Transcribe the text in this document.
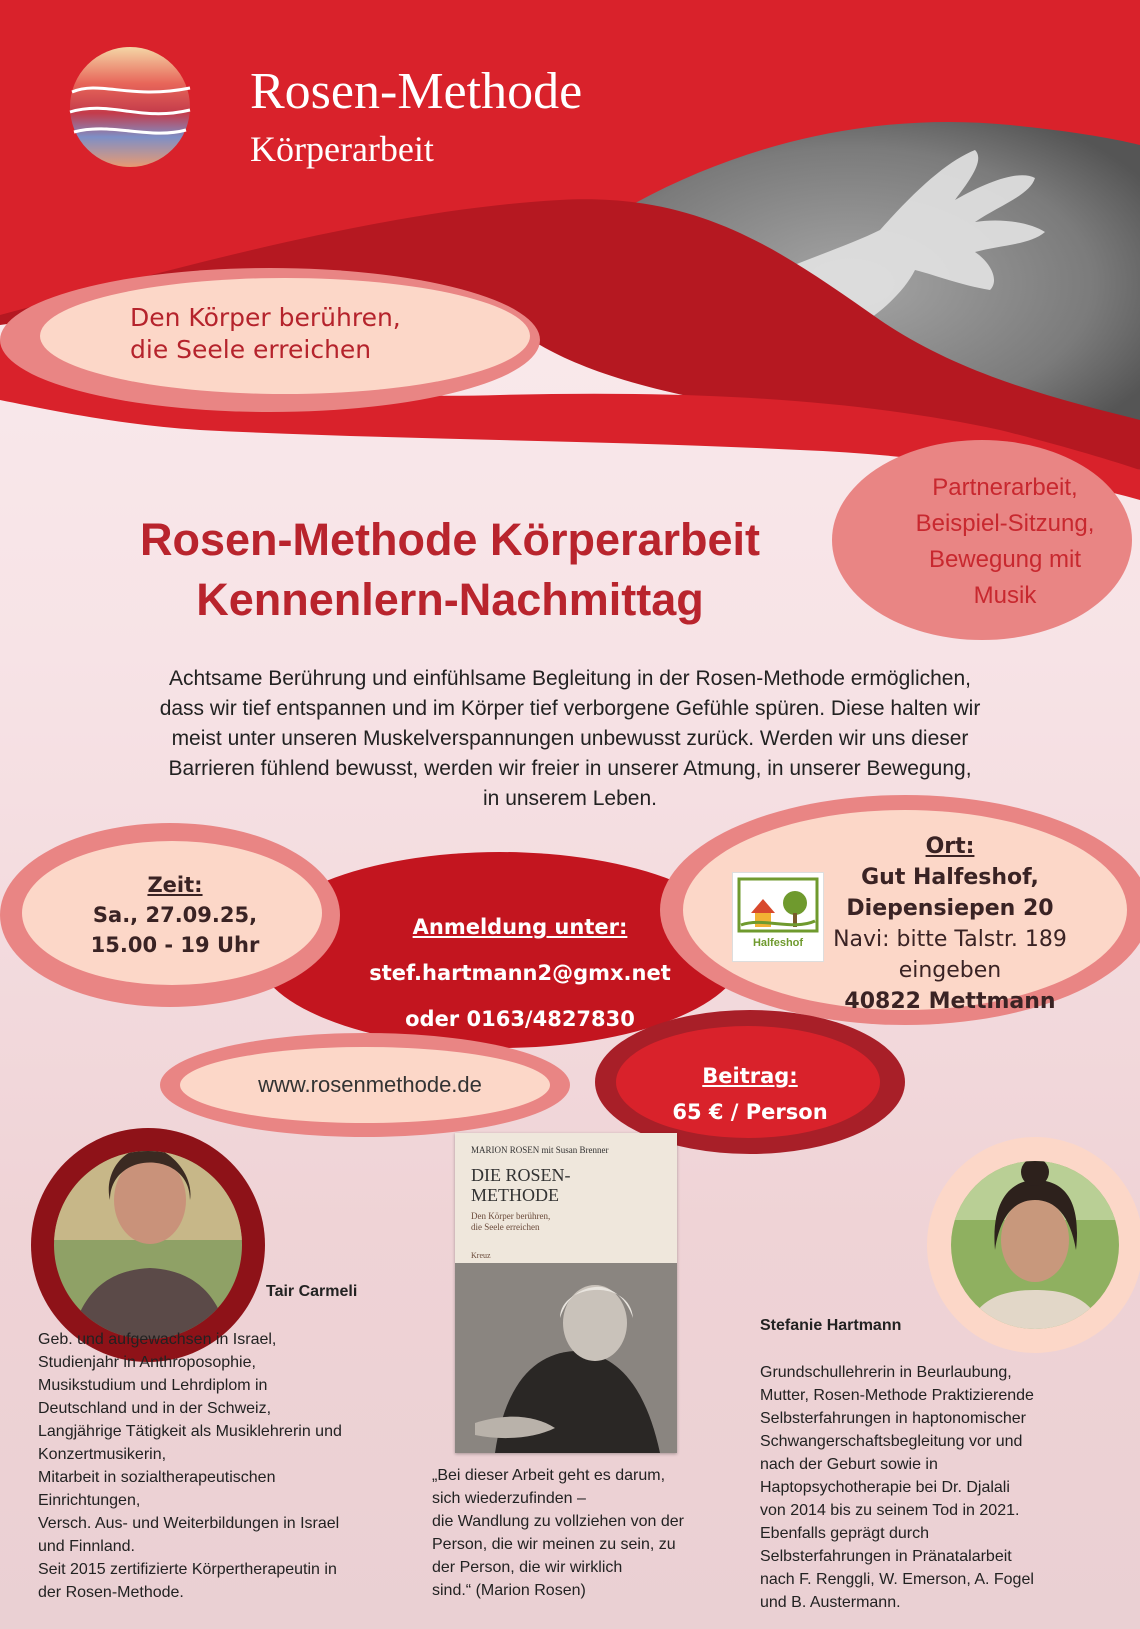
Rosen-Methode
Körperarbeit
Den Körper berühren,
die Seele erreichen
Partnerarbeit,
Beispiel-Sitzung,
Bewegung mit
Musik
Rosen-Methode Körperarbeit
Kennenlern-Nachmittag
Achtsame Berührung und einfühlsame Begleitung in der Rosen-Methode ermöglichen,
dass wir tief entspannen und im Körper tief verborgene Gefühle spüren. Diese halten wir
meist unter unseren Muskelverspannungen unbewusst zurück. Werden wir uns dieser
Barrieren fühlend bewusst, werden wir freier in unserer Atmung, in unserer Bewegung,
in unserem Leben.
Zeit:
Sa., 27.09.25,
15.00 - 19 Uhr
Anmeldung unter:
stef.hartmann2@gmx.net
oder 0163/4827830
Halfeshof
Ort:
Gut Halfeshof,
Diepensiepen 20
Navi: bitte Talstr. 189
eingeben
40822 Mettmann
www.rosenmethode.de	Beitrag:
65 € / Person
Tair Carmeli
Geb. und aufgewachsen in Israel,
Studienjahr in Anthroposophie,
Musikstudium und Lehrdiplom in
Deutschland und in der Schweiz,
Langjährige Tätigkeit als Musiklehrerin und
Konzertmusikerin,
Mitarbeit in sozialtherapeutischen
Einrichtungen,
Versch. Aus- und Weiterbildungen in Israel
und Finnland.
Seit 2015 zertifizierte Körpertherapeutin in
der Rosen-Methode.
MARION ROSEN mit Susan Brenner
DIE ROSEN-
METHODE
Den Körper berühren,
die Seele erreichen
Kreuz
„Bei dieser Arbeit geht es darum,
sich wiederzufinden –
die Wandlung zu vollziehen von der
Person, die wir meinen zu sein, zu
der Person, die wir wirklich
sind.“ (Marion Rosen)
Stefanie Hartmann
Grundschullehrerin in Beurlaubung,
Mutter, Rosen-Methode Praktizierende
Selbsterfahrungen in haptonomischer
Schwangerschaftsbegleitung vor und
nach der Geburt sowie in
Haptopsychotherapie bei Dr. Djalali
von 2014 bis zu seinem Tod in 2021.
Ebenfalls geprägt durch
Selbsterfahrungen in Pränatalarbeit
nach F. Renggli, W. Emerson, A. Fogel
und B. Austermann.
